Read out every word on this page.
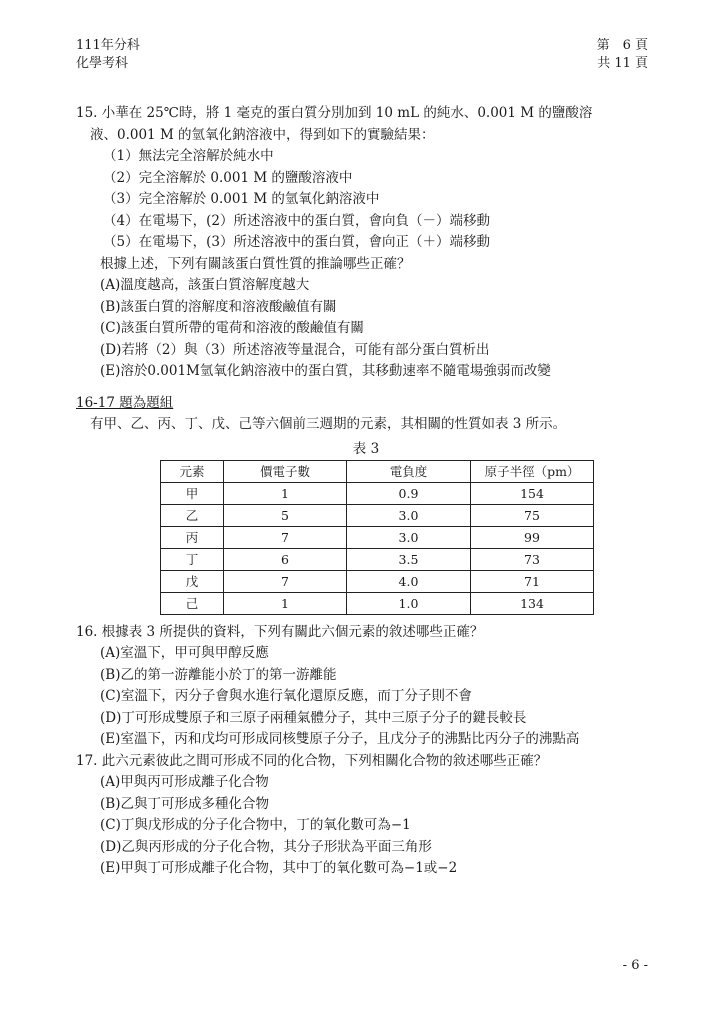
111年分科
化學考科
第　6 頁
共 11 頁
15. 小華在 25℃時，將 1 毫克的蛋白質分別加到 10 mL 的純水、0.001 M 的鹽酸溶
液、0.001 M 的氫氧化鈉溶液中，得到如下的實驗結果：
（1）無法完全溶解於純水中
（2）完全溶解於 0.001 M 的鹽酸溶液中
（3）完全溶解於 0.001 M 的氫氧化鈉溶液中
（4）在電場下，(2）所述溶液中的蛋白質，會向負（－）端移動
（5）在電場下，(3）所述溶液中的蛋白質，會向正（＋）端移動
根據上述，下列有關該蛋白質性質的推論哪些正確？
(A)溫度越高，該蛋白質溶解度越大
(B)該蛋白質的溶解度和溶液酸鹼值有關
(C)該蛋白質所帶的電荷和溶液的酸鹼值有關
(D)若將（2）與（3）所述溶液等量混合，可能有部分蛋白質析出
(E)溶於0.001M氫氧化鈉溶液中的蛋白質，其移動速率不隨電場強弱而改變
16-17 題為題組
有甲、乙、丙、丁、戊、己等六個前三週期的元素，其相關的性質如表 3 所示。
表 3
元素	價電子數	電負度	原子半徑（pm）
甲	1	0.9	154
乙	5	3.0	75
丙	7	3.0	99
丁	6	3.5	73
戊	7	4.0	71
己	1	1.0	134
16. 根據表 3 所提供的資料，下列有關此六個元素的敘述哪些正確？
(A)室溫下，甲可與甲醇反應
(B)乙的第一游離能小於丁的第一游離能
(C)室溫下，丙分子會與水進行氧化還原反應，而丁分子則不會
(D)丁可形成雙原子和三原子兩種氣體分子，其中三原子分子的鍵長較長
(E)室溫下，丙和戊均可形成同核雙原子分子，且戊分子的沸點比丙分子的沸點高
17. 此六元素彼此之間可形成不同的化合物，下列相關化合物的敘述哪些正確？
(A)甲與丙可形成離子化合物
(B)乙與丁可形成多種化合物
(C)丁與戊形成的分子化合物中，丁的氧化數可為−1
(D)乙與丙形成的分子化合物，其分子形狀為平面三角形
(E)甲與丁可形成離子化合物，其中丁的氧化數可為−1或−2
- 6 -
